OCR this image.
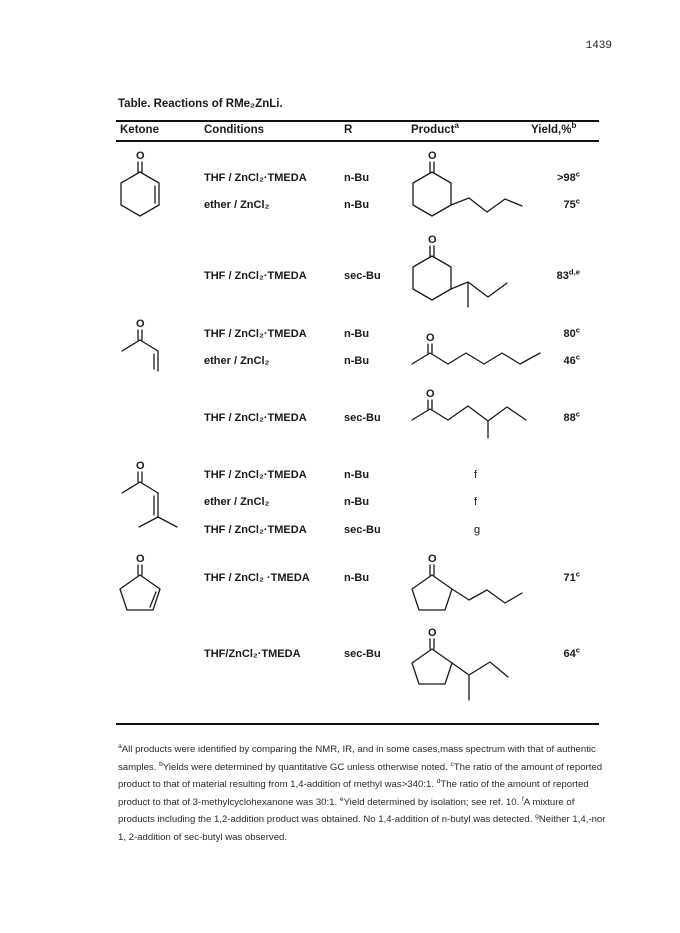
1439
Table. Reactions of RMe₂ZnLi.
Ketone	Conditions	R	Product$^a$	Yield,%$^b$
THF / ZnCl₂·TMEDA	n-Bu	$>98^c$
ether / ZnCl₂	n-Bu	75$^c$
THF / ZnCl₂·TMEDA	sec-Bu	83$^{d,e}$
THF / ZnCl₂·TMEDA	n-Bu	80$^c$
ether / ZnCl₂	n-Bu	46$^c$
THF / ZnCl₂·TMEDA	sec-Bu	88$^c$
THF / ZnCl₂·TMEDA	n-Bu	f
ether / ZnCl₂	n-Bu	f
THF / ZnCl₂·TMEDA	sec-Bu	g
THF / ZnCl₂ ·TMEDA	n-Bu	71$^c$
THF/ZnCl₂·TMEDA	sec-Bu	64$^c$
O	O
O
O
O
O
O
O	O
O
$^a$All products were identified by comparing the NMR, IR, and in some cases,mass spectrum with that of authentic samples. $^b$Yields were determined by quantitative GC unless otherwise noted. $^c$The ratio of the amount of reported product to that of material resulting from 1,4-addition of methyl was>340:1. $^d$The ratio of the amount of reported product to that of 3-methylcyclohexanone was 30:1. $^e$Yield determined by isolation; see ref. 10. $^f$A mixture of products including the 1,2-addition product was obtained. No 1,4-addition of n-butyl was detected. $^g$Neither 1,4,-nor 1, 2-addition of sec-butyl was observed.
